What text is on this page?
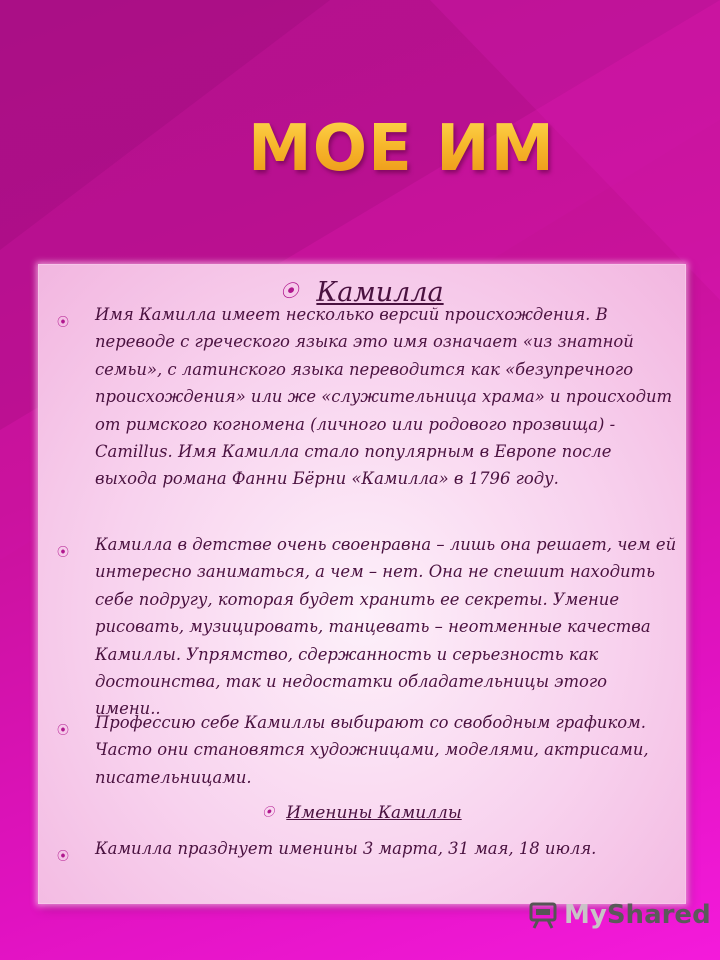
МОЕ ИМЯ
⦿ Камилла

⦿ Имя Камилла имеет несколько версий происхождения. В переводе с греческого языка это имя означает «из знатной семьи», с латинского языка переводится как «безупречного происхождения» или же «служительница храма» и происходит от римского когномена (личного или родового прозвища) - Camillus. Имя Камилла стало популярным в Европе после выхода романа Фанни Бёрни «Камилла» в 1796 году.

⦿ Камилла в детстве очень своенравна – лишь она решает, чем ей интересно заниматься, а чем – нет. Она не спешит находить себе подругу, которая будет хранить ее секреты. Умение рисовать, музицировать, танцевать – неотменные качества Камиллы. Упрямство, сдержанность и серьезность как достоинства, так и недостатки обладательницы этого имени..

⦿ Профессию себе Камиллы выбирают со свободным графиком. Часто они становятся художницами, моделями, актрисами, писательницами.

⦿ Именины Камиллы

⦿ Камилла празднует именины 3 марта, 31 мая, 18 июля.

MyShared
